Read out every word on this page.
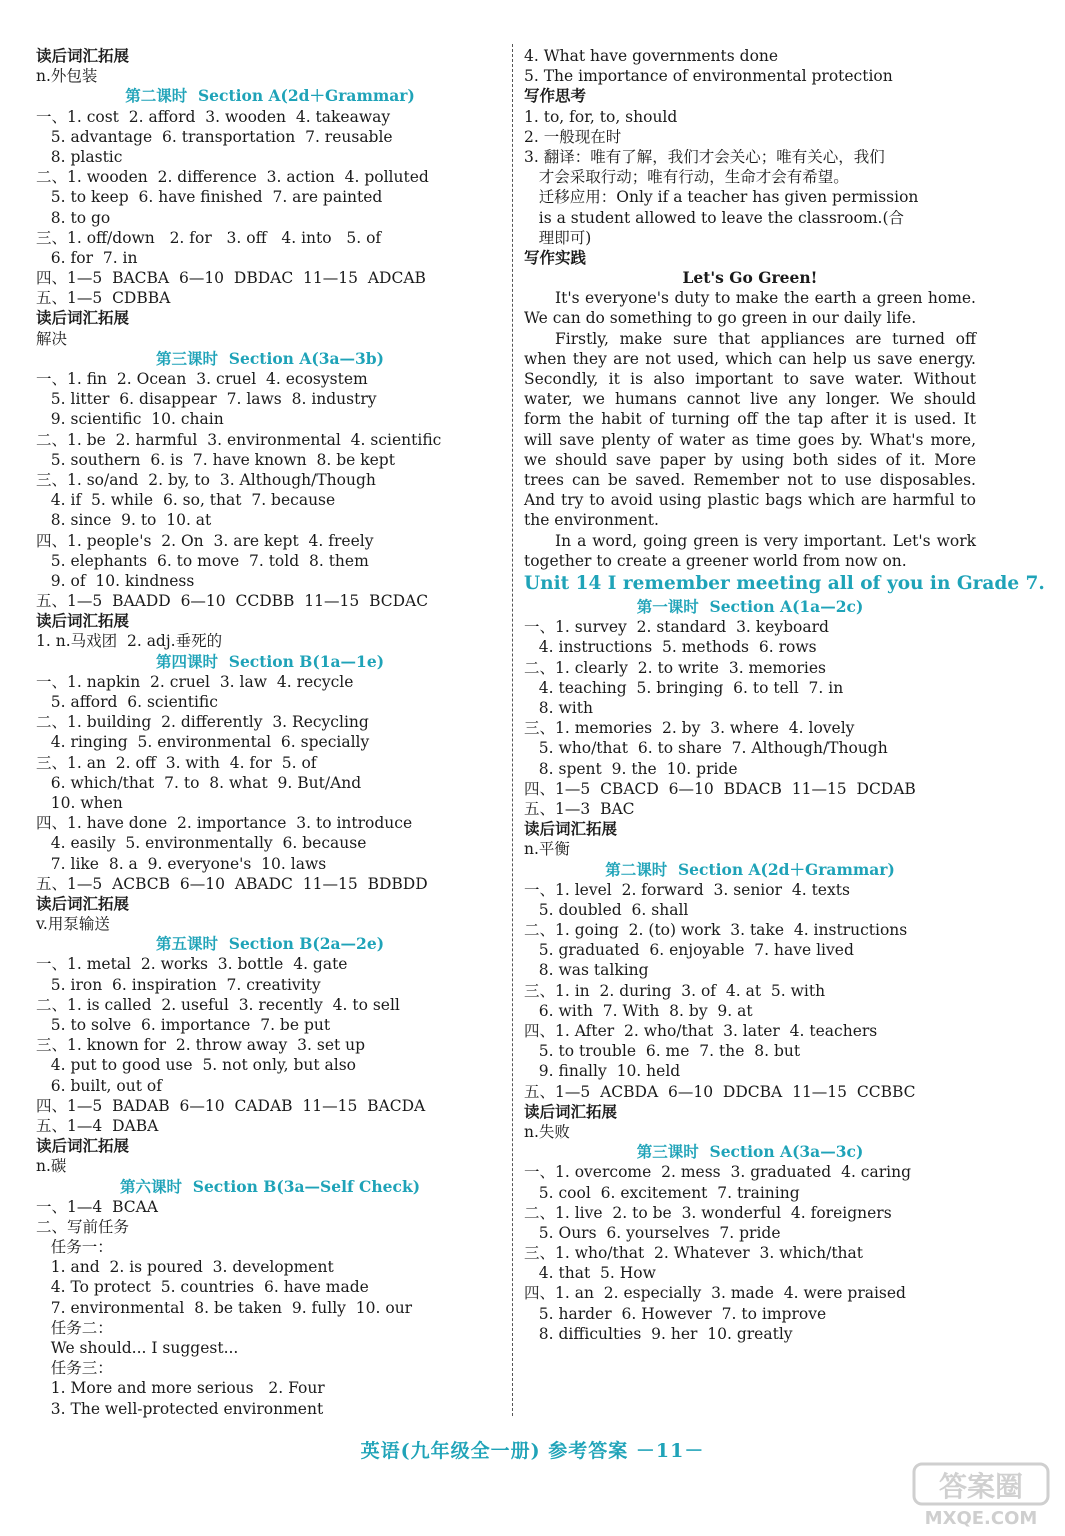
读后词汇拓展
n.外包装
第二课时  Section A(2d＋Grammar)
一、1. cost  2. afford  3. wooden  4. takeaway
5. advantage  6. transportation  7. reusable
8. plastic
二、1. wooden  2. difference  3. action  4. polluted
5. to keep  6. have finished  7. are painted
8. to go
三、1. off/down   2. for   3. off   4. into   5. of
6. for  7. in
四、1—5  BACBA  6—10  DBDAC  11—15  ADCAB
五、1—5  CDBBA
读后词汇拓展
解决
第三课时  Section A(3a—3b)
一、1. fin  2. Ocean  3. cruel  4. ecosystem
5. litter  6. disappear  7. laws  8. industry
9. scientific  10. chain
二、1. be  2. harmful  3. environmental  4. scientific
5. southern  6. is  7. have known  8. be kept
三、1. so/and  2. by, to  3. Although/Though
4. if  5. while  6. so, that  7. because
8. since  9. to  10. at
四、1. people's  2. On  3. are kept  4. freely
5. elephants  6. to move  7. told  8. them
9. of  10. kindness
五、1—5  BAADD  6—10  CCDBB  11—15  BCDAC
读后词汇拓展
1. n.马戏团  2. adj.垂死的
第四课时  Section B(1a—1e)
一、1. napkin  2. cruel  3. law  4. recycle
5. afford  6. scientific
二、1. building  2. differently  3. Recycling
4. ringing  5. environmental  6. specially
三、1. an  2. off  3. with  4. for  5. of
6. which/that  7. to  8. what  9. But/And
10. when
四、1. have done  2. importance  3. to introduce
4. easily  5. environmentally  6. because
7. like  8. a  9. everyone's  10. laws
五、1—5  ACBCB  6—10  ABADC  11—15  BDBDD
读后词汇拓展
v.用泵输送
第五课时  Section B(2a—2e)
一、1. metal  2. works  3. bottle  4. gate
5. iron  6. inspiration  7. creativity
二、1. is called  2. useful  3. recently  4. to sell
5. to solve  6. importance  7. be put
三、1. known for  2. throw away  3. set up
4. put to good use  5. not only, but also
6. built, out of
四、1—5  BADAB  6—10  CADAB  11—15  BACDA
五、1—4  DABA
读后词汇拓展
n.碳
第六课时  Section B(3a—Self Check)
一、1—4  BCAA
二、写前任务
任务一：
1. and  2. is poured  3. development
4. To protect  5. countries  6. have made
7. environmental  8. be taken  9. fully  10. our
任务二：
We should... I suggest...
任务三：
1. More and more serious   2. Four
3. The well-protected environment
4. What have governments done
5. The importance of environmental protection
写作思考
1. to, for, to, should
2. 一般现在时
3. 翻译：唯有了解，我们才会关心；唯有关心，我们
才会采取行动；唯有行动，生命才会有希望。
迁移应用：Only if a teacher has given permission
is a student allowed to leave the classroom.(合
理即可)
写作实践
Let's Go Green!

It's everyone's duty to make the earth a green home. We can do something to go green in our daily life.

Firstly, make sure that appliances are turned off when they are not used, which can help us save energy. Secondly, it is also important to save water. Without water, we humans cannot live any longer. We should form the habit of turning off the tap after it is used. It will save plenty of water as time goes by. What's more, we should save paper by using both sides of it. More trees can be saved. Remember not to use disposables. And try to avoid using plastic bags which are harmful to the environment.

In a word, going green is very important. Let's work together to create a greener world from now on.

Unit 14 I remember meeting all of you in Grade 7.
第一课时  Section A(1a—2c)
一、1. survey  2. standard  3. keyboard
4. instructions  5. methods  6. rows
二、1. clearly  2. to write  3. memories
4. teaching  5. bringing  6. to tell  7. in
8. with
三、1. memories  2. by  3. where  4. lovely
5. who/that  6. to share  7. Although/Though
8. spent  9. the  10. pride
四、1—5  CBACD  6—10  BDACB  11—15  DCDAB
五、1—3  BAC
读后词汇拓展
n.平衡
第二课时  Section A(2d＋Grammar)
一、1. level  2. forward  3. senior  4. texts
5. doubled  6. shall
二、1. going  2. (to) work  3. take  4. instructions
5. graduated  6. enjoyable  7. have lived
8. was talking
三、1. in  2. during  3. of  4. at  5. with
6. with  7. With  8. by  9. at
四、1. After  2. who/that  3. later  4. teachers
5. to trouble  6. me  7. the  8. but
9. finally  10. held
五、1—5  ACBDA  6—10  DDCBA  11—15  CCBBC
读后词汇拓展
n.失败
第三课时  Section A(3a—3c)
一、1. overcome  2. mess  3. graduated  4. caring
5. cool  6. excitement  7. training
二、1. live  2. to be  3. wonderful  4. foreigners
5. Ours  6. yourselves  7. pride
三、1. who/that  2. Whatever  3. which/that
4. that  5. How
四、1. an  2. especially  3. made  4. were praised
5. harder  6. However  7. to improve
8. difficulties  9. her  10. greatly
英语(九年级全一册) 参考答案 －11－
答案圈
MXQE.COM
